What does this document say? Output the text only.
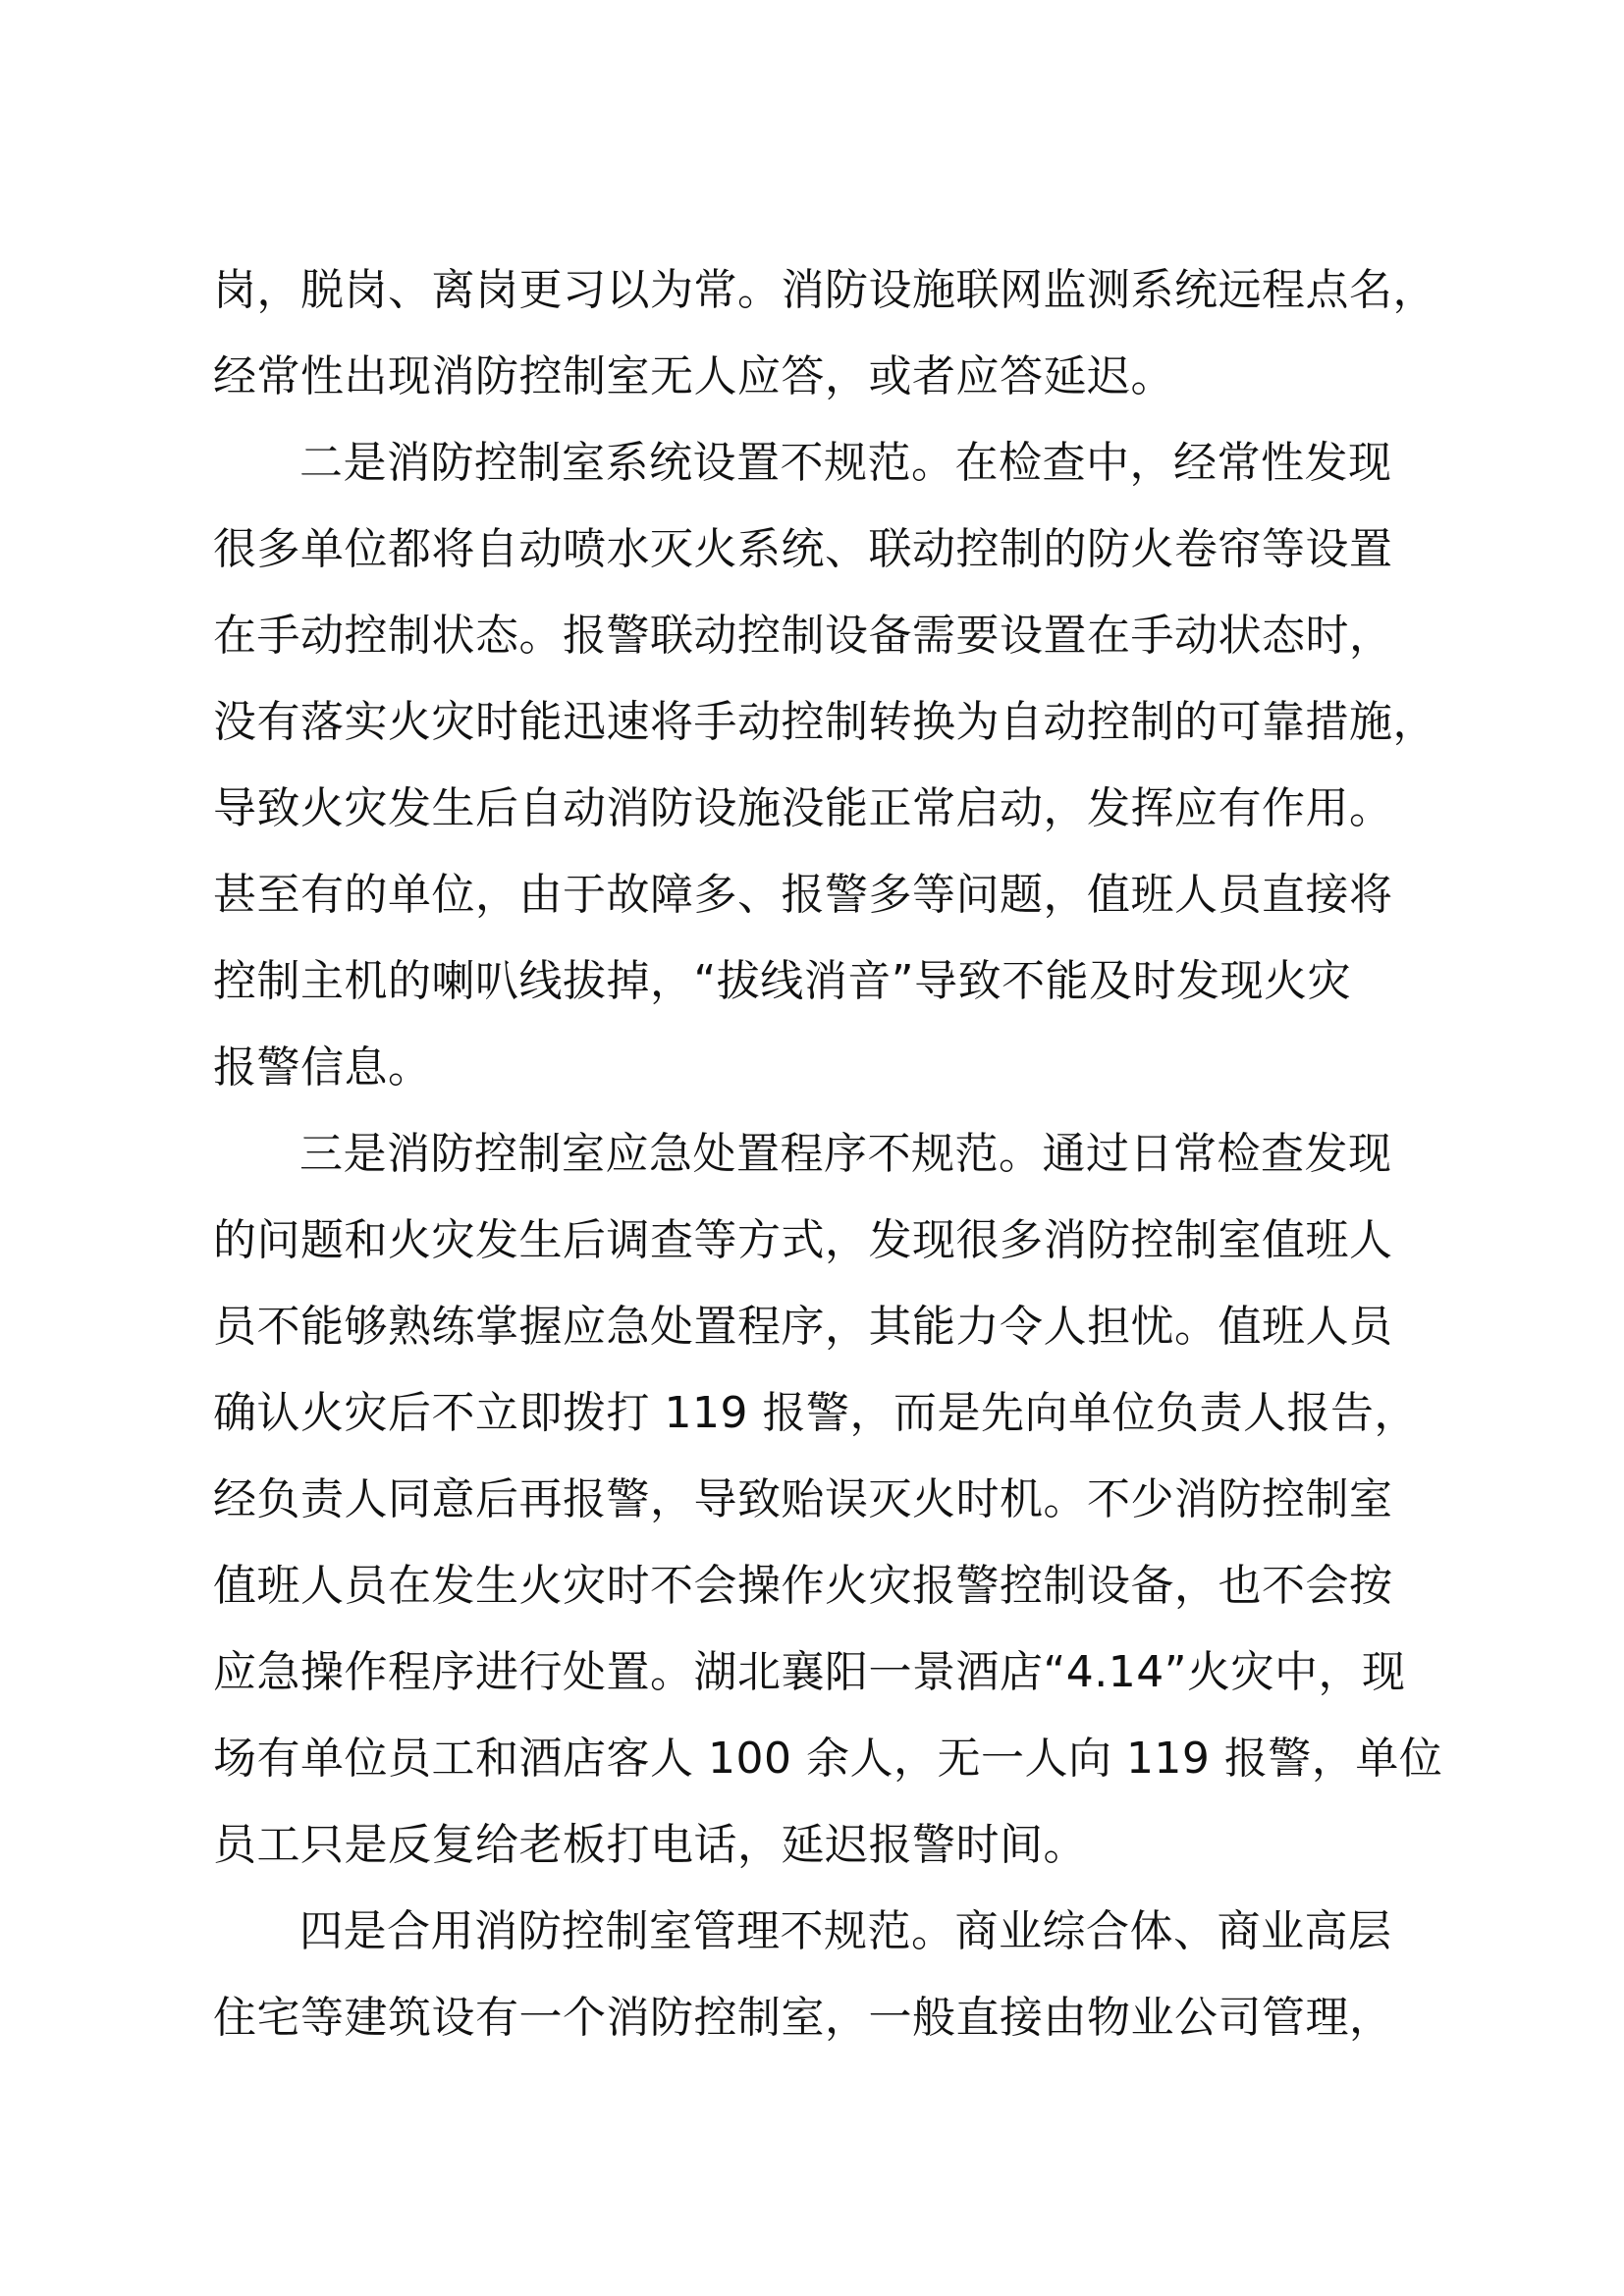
岗，脱岗、离岗更习以为常。消防设施联网监测系统远程点名，
经常性出现消防控制室无人应答，或者应答延迟。
二是消防控制室系统设置不规范。在检查中，经常性发现
很多单位都将自动喷水灭火系统、联动控制的防火卷帘等设置
在手动控制状态。报警联动控制设备需要设置在手动状态时，
没有落实火灾时能迅速将手动控制转换为自动控制的可靠措施，
导致火灾发生后自动消防设施没能正常启动，发挥应有作用。
甚至有的单位，由于故障多、报警多等问题，值班人员直接将
控制主机的喇叭线拔掉，“拔线消音”导致不能及时发现火灾
报警信息。
三是消防控制室应急处置程序不规范。通过日常检查发现
的问题和火灾发生后调查等方式，发现很多消防控制室值班人
员不能够熟练掌握应急处置程序，其能力令人担忧。值班人员
确认火灾后不立即拨打 119 报警，而是先向单位负责人报告，
经负责人同意后再报警，导致贻误灭火时机。不少消防控制室
值班人员在发生火灾时不会操作火灾报警控制设备，也不会按
应急操作程序进行处置。湖北襄阳一景酒店“4.14”火灾中，现
场有单位员工和酒店客人 100 余人，无一人向 119 报警，单位
员工只是反复给老板打电话，延迟报警时间。
四是合用消防控制室管理不规范。商业综合体、商业高层
住宅等建筑设有一个消防控制室，一般直接由物业公司管理，
